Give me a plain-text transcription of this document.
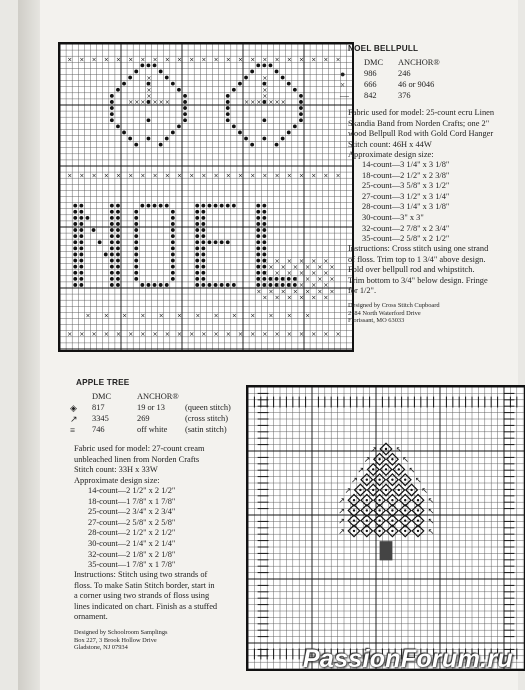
×
×
×
×
×
×
×
×
×
×
×
×
×
×
×
×
×
×
×
×
×
×
×
×
×
×
×
×
×
×
×
×
×
×
×
×
×
×
×
×
×
×
×
×
×
×
× × × × × × × × × × × × ×
× × × × × × ×
×
×
×
×
× × × × × × ×
×
×
×
×
× × × × × × × × × × × × × × × × × × × × × × ×
× × × × × ×
× × × × × × ×
× × × × × ×
× × × × × × ×
× × × × × ×
× × × × × × ×
× × × × × ×
NOEL BELLPULL
DMC	ANCHOR®
●	986	246
×	666	46 or 9046
—	842	376
Fabric used for model: 25-count ecru Linen
Skandia Band from Norden Crafts; one 2"
wood Bellpull Rod with Gold Cord Hanger
Stitch count: 46H x 44W
Approximate design size:
14-count—3 1/4" x 3 1/8"
18-count—2 1/2" x 2 3/8"
25-count—3 5/8" x 3 1/2"
27-count—3 1/2" x 3 1/4"
28-count—3 1/4" x 3 1/8"
30-count—3" x 3"
32-count—2 7/8" x 2 3/4"
35-count—2 5/8" x 2 1/2"
Instructions: Cross stitch using one strand
of floss. Trim top to 1 3/4" above design.
Fold over bellpull rod and whipstitch.
Trim bottom to 3/4" below design. Fringe
for 1/2".
Designed by Cross Stitch Cupboard
2184 North Waterford Drive
Florissant, MO 63033
APPLE TREE
DMC	ANCHOR®
◈	817	19 or 13	(queen stitch)
↗	3345	269	(cross stitch)
≡	746	off white	(satin stitch)
Fabric used for model: 27-count cream
unbleached linen from Norden Crafts
Stitch count: 33H x 33W
Approximate design size:
14-count—2 1/2" x 2 1/2"
18-count—1 7/8" x 1 7/8"
25-count—2 3/4" x 2 3/4"
27-count—2 5/8" x 2 5/8"
28-count—2 1/2" x 2 1/2"
30-count—2 1/4" x 2 1/4"
32-count—2 1/8" x 2 1/8"
35-count—1 7/8" x 1 7/8"
Instructions: Stitch using two strands of
floss. To make Satin Stitch border, start in
a corner using two strands of floss using
lines indicated on chart. Finish as a stuffed
ornament.
Designed by Schoolroom Samplings
Box 227, 3 Brook Hollow Drive
Gladstone, NJ 07934
↗ ↖
↗	↖
↗	↖
↗	↖
↗	↖
↗	↖
↗	↖
↗	↖
↗	↖
PassionForum.ru
